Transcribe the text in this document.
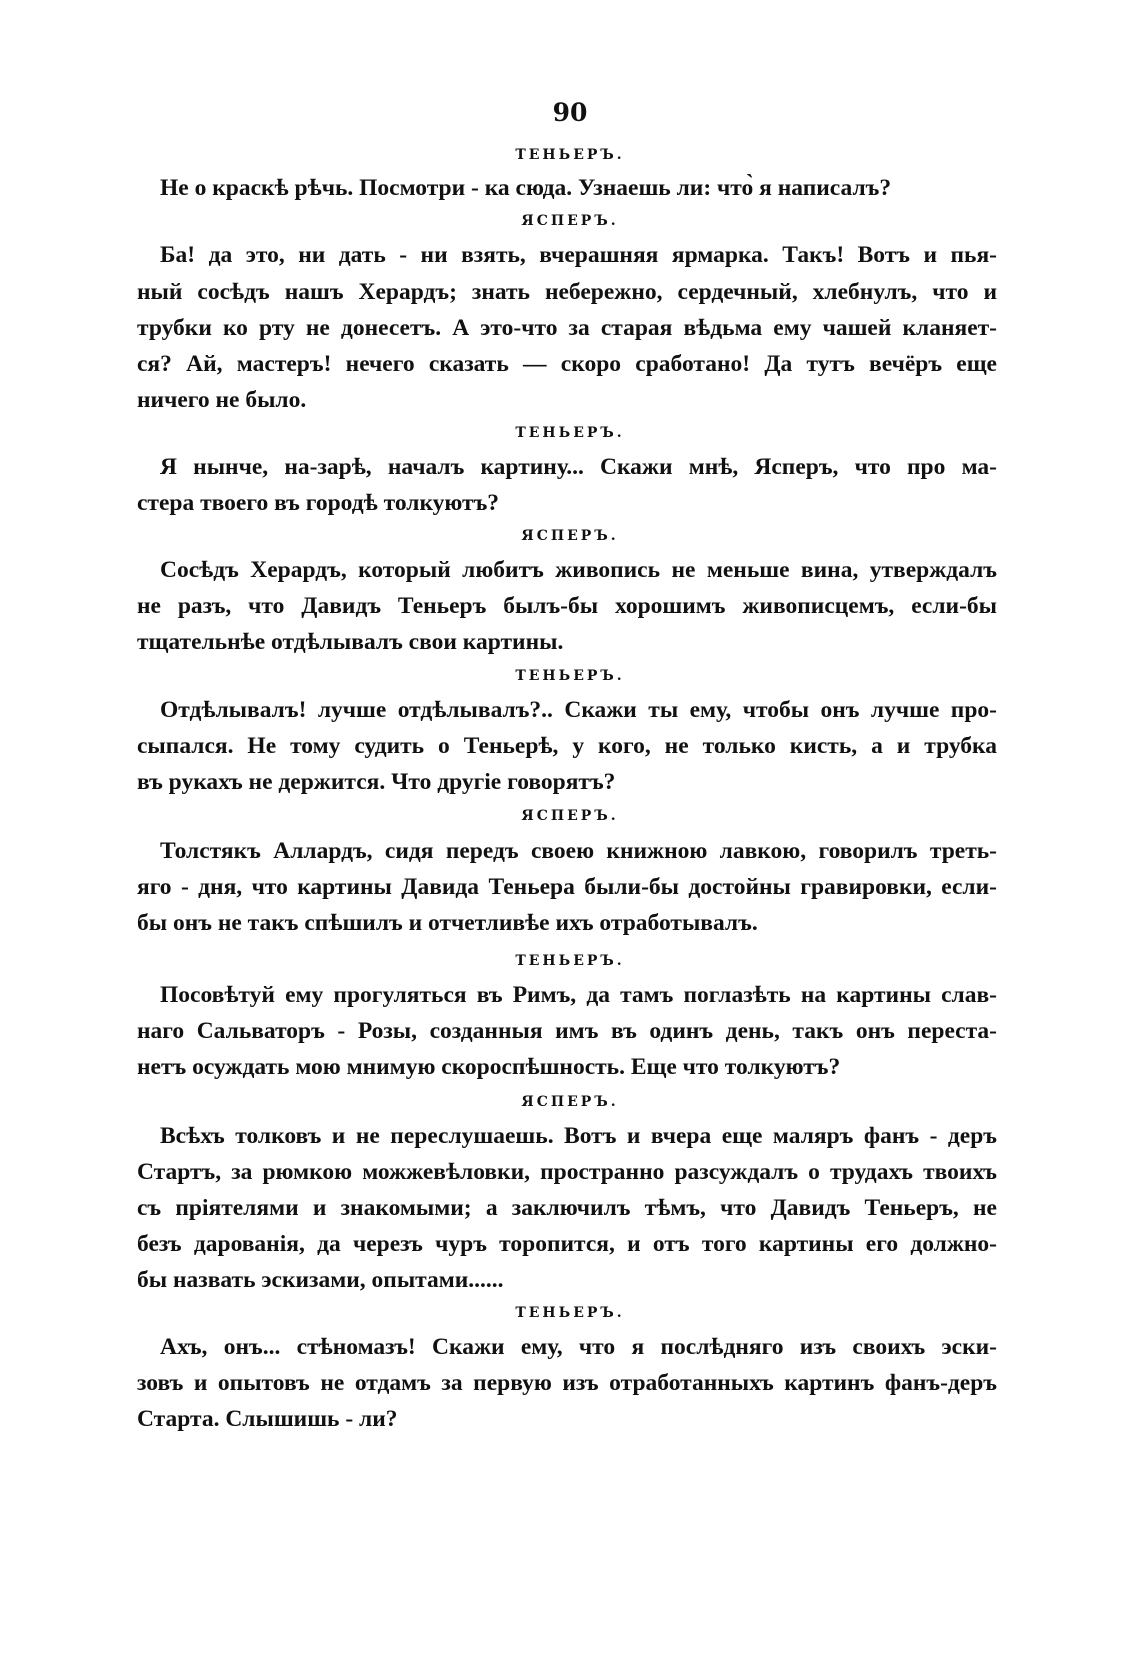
90
ТЕНЬЕРЪ.
Не о краскѣ рѣчь. Посмотри - ка сюда. Узнаешь ли: что̀ я написалъ?
ЯСПЕРЪ.
Ба! да это, ни дать - ни взять, вчерашняя ярмарка. Такъ! Вотъ и пья-
ный сосѣдъ нашъ Херардъ; знать небережно, сердечный, хлебнулъ, что и
трубки ко рту не донесетъ. А это-что за старая вѣдьма ему чашей кланяет-
ся? Ай, мастеръ! нечего сказать — скоро сработано! Да тутъ вечёръ еще
ничего не было.
ТЕНЬЕРЪ.
Я нынче, на-зарѣ, началъ картину... Скажи мнѣ, Ясперъ, что про ма-
стера твоего въ городѣ толкуютъ?
ЯСПЕРЪ.
Сосѣдъ Херардъ, который любитъ живопись не меньше вина, утверждалъ
не разъ, что Давидъ Теньеръ былъ-бы хорошимъ живописцемъ, если-бы
тщательнѣе отдѣлывалъ свои картины.
ТЕНЬЕРЪ.
Отдѣлывалъ! лучше отдѣлывалъ?.. Скажи ты ему, чтобы онъ лучше про-
сыпался. Не тому судить о Теньерѣ, у кого, не только кисть, а и трубка
въ рукахъ не держится. Что другіе говорятъ?
ЯСПЕРЪ.
Толстякъ Аллардъ, сидя передъ своею книжною лавкою, говорилъ треть-
яго - дня, что картины Давида Теньера были-бы достойны гравировки, если-
бы онъ не такъ спѣшилъ и отчетливѣе ихъ отработывалъ.
ТЕНЬЕРЪ.
Посовѣтуй ему прогуляться въ Римъ, да тамъ поглазѣть на картины слав-
наго Сальваторъ - Розы, созданныя имъ въ одинъ день, такъ онъ переста-
нетъ осуждать мою мнимую скороспѣшность. Еще что толкуютъ?
ЯСПЕРЪ.
Всѣхъ толковъ и не переслушаешь. Вотъ и вчера еще маляръ фанъ - деръ
Стартъ, за рюмкою можжевѣловки, пространно разсуждалъ о трудахъ твоихъ
съ пріятелями и знакомыми; а заключилъ тѣмъ, что Давидъ Теньеръ, не
безъ дарованія, да черезъ чуръ торопится, и отъ того картины его должно-
бы назвать эскизами, опытами......
ТЕНЬЕРЪ.
Ахъ, онъ... стѣномазъ! Скажи ему, что я послѣдняго изъ своихъ эски-
зовъ и опытовъ не отдамъ за первую изъ отработанныхъ картинъ фанъ-деръ
Старта. Слышишь - ли?
